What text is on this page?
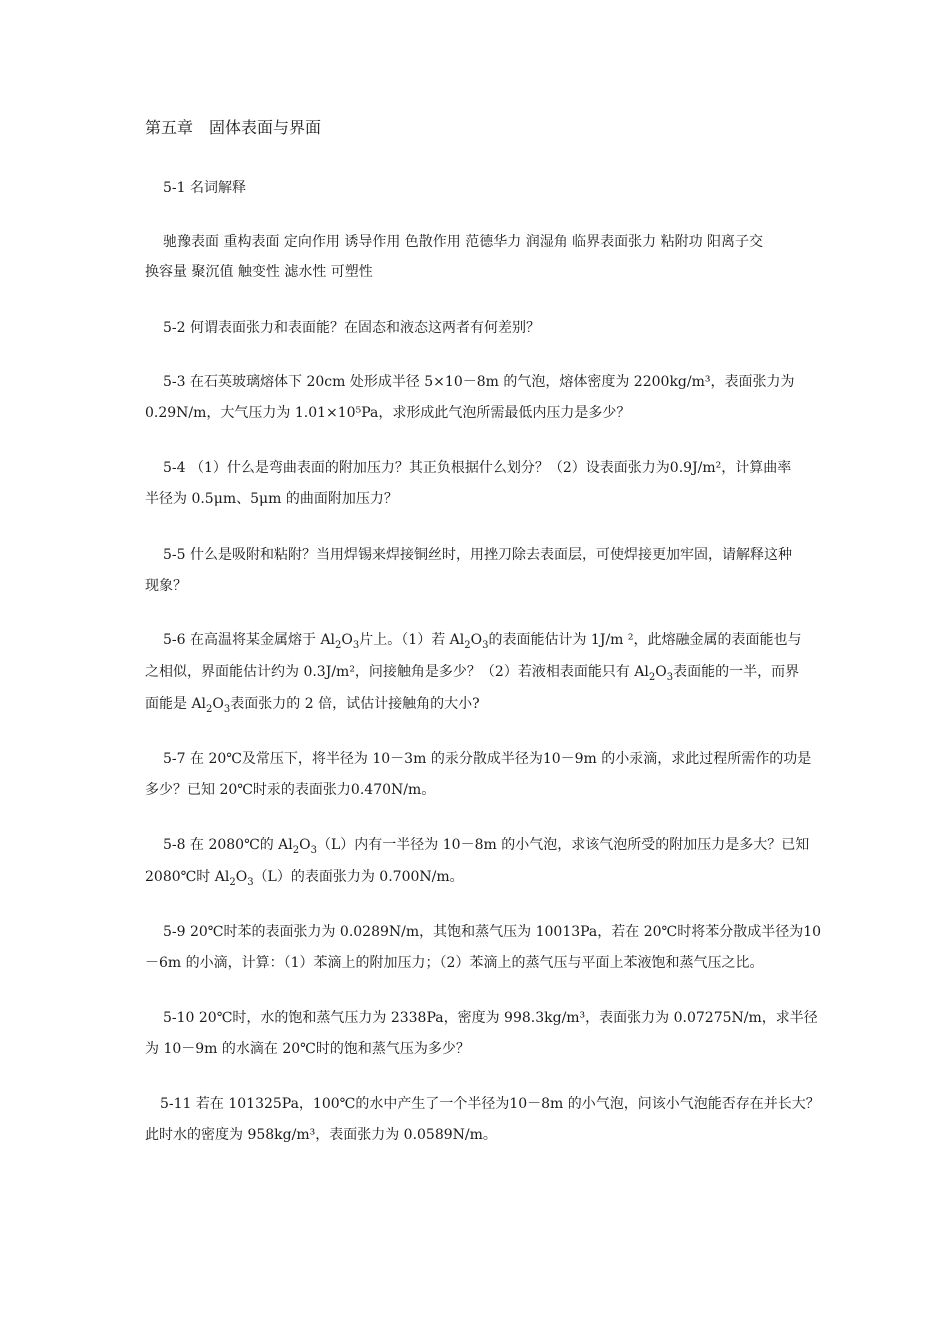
第五章　固体表面与界面
5-1 名词解释
驰豫表面 重构表面 定向作用 诱导作用 色散作用 范德华力 润湿角 临界表面张力 粘附功 阳离子交
换容量 聚沉值 触变性 滤水性 可塑性
5-2 何谓表面张力和表面能？在固态和液态这两者有何差别？
5-3 在石英玻璃熔体下 20cm 处形成半径 5×10－8m 的气泡，熔体密度为 2200kg/m³，表面张力为
0.29N/m，大气压力为 1.01×10⁵Pa，求形成此气泡所需最低内压力是多少？
5-4 （1）什么是弯曲表面的附加压力？其正负根据什么划分？（2）设表面张力为0.9J/m²，计算曲率
半径为 0.5μm、5μm 的曲面附加压力？
5-5 什么是吸附和粘附？当用焊锡来焊接铜丝时，用挫刀除去表面层，可使焊接更加牢固，请解释这种
现象？
5-6 在高温将某金属熔于 $Al_2O_3$片上。（1）若 $Al_2O_3$的表面能估计为 1J/m ²，此熔融金属的表面能也与
之相似，界面能估计约为 0.3J/m²，问接触角是多少？（2）若液相表面能只有 $Al_2O_3$表面能的一半，而界
面能是 $Al_2O_3$表面张力的 2 倍，试估计接触角的大小?
5-7 在 20℃及常压下，将半径为 10－3m 的汞分散成半径为10－9m 的小汞滴，求此过程所需作的功是
多少？已知 20℃时汞的表面张力0.470N/m。
5-8 在 2080℃的 $Al_2O_3(L)$内有一半径为 10－8m 的小气泡，求该气泡所受的附加压力是多大？已知
2080℃时 $Al_2O_3(L)$的表面张力为 0.700N/m。
5-9 20℃时苯的表面张力为 0.0289N/m，其饱和蒸气压为 10013Pa，若在 20℃时将苯分散成半径为10
－6m 的小滴，计算：（1）苯滴上的附加压力；（2）苯滴上的蒸气压与平面上苯液饱和蒸气压之比。
5-10 20℃时，水的饱和蒸气压力为 2338Pa，密度为 998.3kg/m³，表面张力为 0.07275N/m，求半径
为 10－9m 的水滴在 20℃时的饱和蒸气压为多少？
5-11 若在 101325Pa，100℃的水中产生了一个半径为10－8m 的小气泡，问该小气泡能否存在并长大？
此时水的密度为 958kg/m³，表面张力为 0.0589N/m。
